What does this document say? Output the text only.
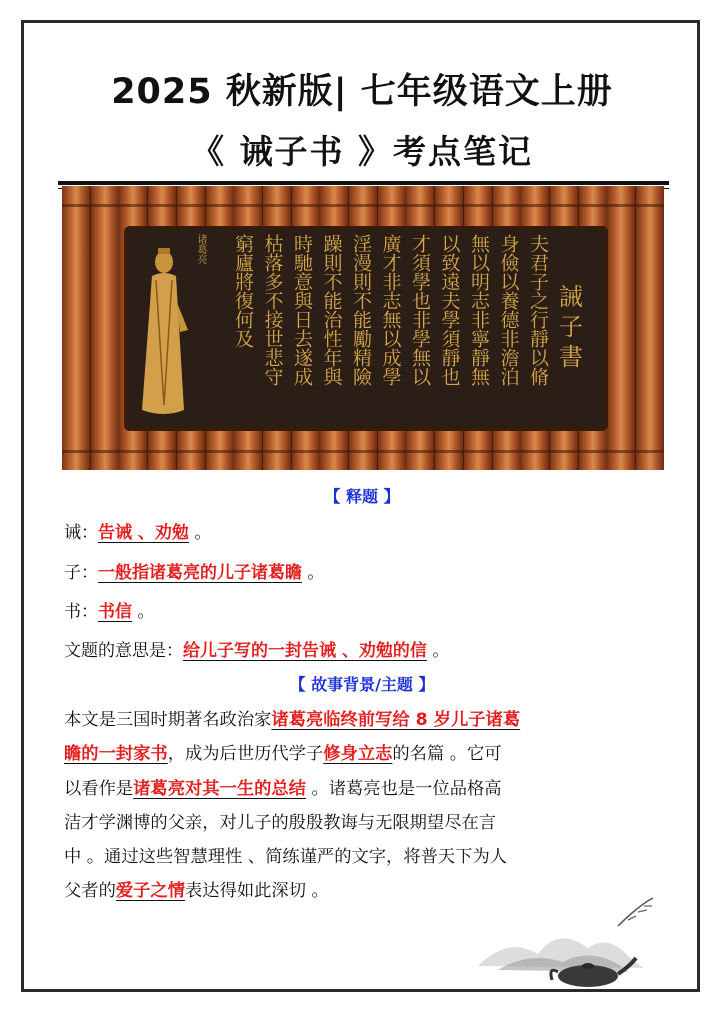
2025 秋新版| 七年级语文上册
《 诫子书 》考点笔记
诸葛亮
誡
子
書
夫君子之行靜以脩
身儉以養德非澹泊
無以明志非寧靜無
以致遠夫學須靜也
才須學也非學無以
廣才非志無以成學
淫漫則不能勵精險
躁則不能治性年與
時馳意與日去遂成
枯落多不接世悲守
窮廬將復何及
【 释题 】
诫：告诫 、劝勉 。
子：一般指诸葛亮的儿子诸葛瞻 。
书：书信 。
文题的意思是：给儿子写的一封告诫 、劝勉的信 。
【 故事背景/主题 】
本文是三国时期著名政治家诸葛亮临终前写给 8 岁儿子诸葛
瞻的一封家书，成为后世历代学子修身立志的名篇 。它可
以看作是诸葛亮对其一生的总结 。诸葛亮也是一位品格高
洁才学渊博的父亲，对儿子的殷殷教诲与无限期望尽在言
中 。通过这些智慧理性 、简练谨严的文字，将普天下为人
父者的爱子之情表达得如此深切 。
